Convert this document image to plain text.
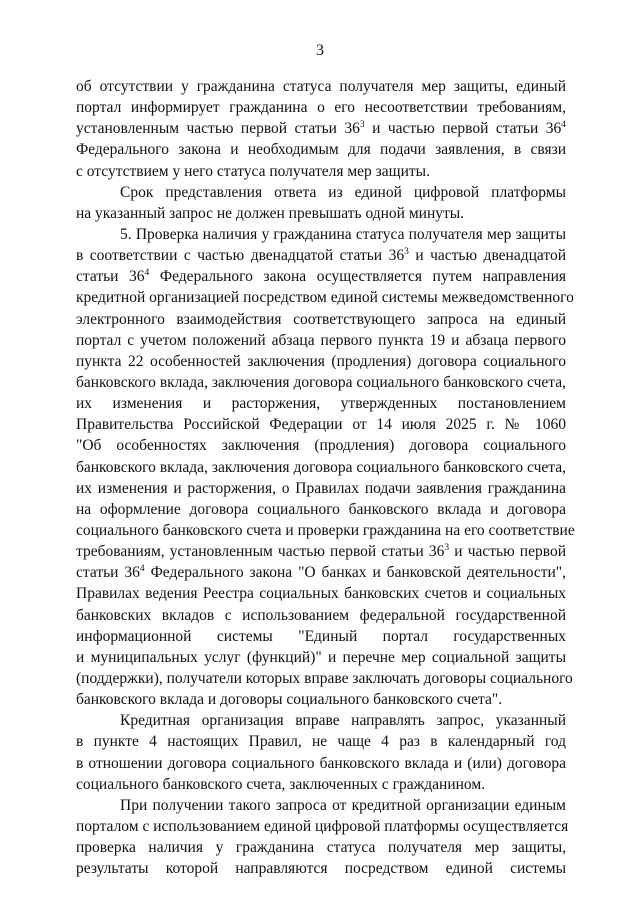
3
об отсутствии у гражданина статуса получателя мер защиты, единый
портал информирует гражданина о его несоответствии требованиям,
установленным частью первой статьи $36^3$ и частью первой статьи $36^4$
Федерального закона и необходимым для подачи заявления, в связи
с отсутствием у него статуса получателя мер защиты.
Срок представления ответа из единой цифровой платформы
на указанный запрос не должен превышать одной минуты.
5. Проверка наличия у гражданина статуса получателя мер защиты
в соответствии с частью двенадцатой статьи $36^3$ и частью двенадцатой
статьи $36^4$ Федерального закона осуществляется путем направления
кредитной организацией посредством единой системы межведомственного
электронного взаимодействия соответствующего запроса на единый
портал с учетом положений абзаца первого пункта 19 и абзаца первого
пункта 22 особенностей заключения (продления) договора социального
банковского вклада, заключения договора социального банковского счета,
их изменения и расторжения, утвержденных постановлением
Правительства Российской Федерации от 14 июля 2025 г. № 1060
"Об особенностях заключения (продления) договора социального
банковского вклада, заключения договора социального банковского счета,
их изменения и расторжения, о Правилах подачи заявления гражданина
на оформление договора социального банковского вклада и договора
социального банковского счета и проверки гражданина на его соответствие
требованиям, установленным частью первой статьи $36^3$ и частью первой
статьи $36^4$ Федерального закона "О банках и банковской деятельности",
Правилах ведения Реестра социальных банковских счетов и социальных
банковских вкладов с использованием федеральной государственной
информационной системы "Единый портал государственных
и муниципальных услуг (функций)" и перечне мер социальной защиты
(поддержки), получатели которых вправе заключать договоры социального
банковского вклада и договоры социального банковского счета".
Кредитная организация вправе направлять запрос, указанный
в пункте 4 настоящих Правил, не чаще 4 раз в календарный год
в отношении договора социального банковского вклада и (или) договора
социального банковского счета, заключенных с гражданином.
При получении такого запроса от кредитной организации единым
порталом с использованием единой цифровой платформы осуществляется
проверка наличия у гражданина статуса получателя мер защиты,
результаты которой направляются посредством единой системы
